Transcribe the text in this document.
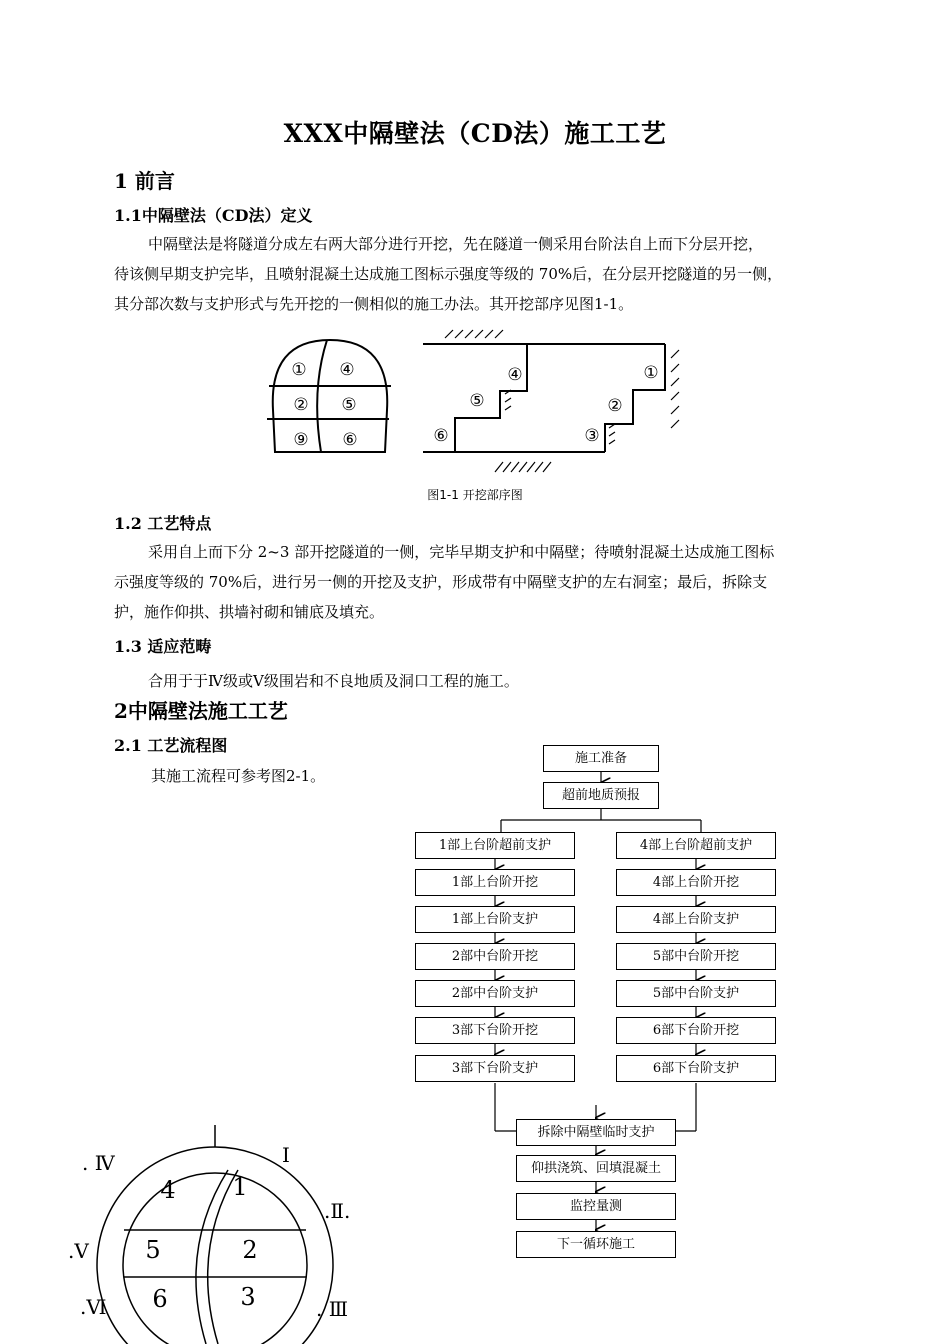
XXX中隔壁法（CD法）施工工艺
1 前言
1.1中隔壁法（CD法）定义
中隔壁法是将隧道分成左右两大部分进行开挖，先在隧道一侧采用台阶法自上而下分层开挖，
待该侧早期支护完毕，且喷射混凝土达成施工图标示强度等级的 70%后，在分层开挖隧道的另一侧，
其分部次数与支护形式与先开挖的一侧相似的施工办法。其开挖部序见图1-1。
① ④
② ⑤
⑨ ⑥
①
②
③
④
⑤
⑥
图1-1 开挖部序图
1.2 工艺特点
采用自上而下分 2~3 部开挖隧道的一侧，完毕早期支护和中隔壁；待喷射混凝土达成施工图标
示强度等级的 70%后，进行另一侧的开挖及支护，形成带有中隔壁支护的左右洞室；最后，拆除支
护，施作仰拱、拱墙衬砌和铺底及填充。
1.3 适应范畴
合用于于Ⅳ级或Ⅴ级围岩和不良地质及洞口工程的施工。
2中隔壁法施工工艺
2.1 工艺流程图
其施工流程可参考图2-1。
施工准备
超前地质预报
1部上台阶超前支护
1部上台阶开挖
1部上台阶支护
2部中台阶开挖
2部中台阶支护
3部下台阶开挖
3部下台阶支护
4部上台阶超前支护
4部上台阶开挖
4部上台阶支护
5部中台阶开挖
5部中台阶支护
6部下台阶开挖
6部下台阶支护
拆除中隔壁临时支护
仰拱浇筑、回填混凝土
监控量测
下一循环施工
4 1
5	2
6	3
. Ⅳ	Ⅰ
.Ⅱ.
.Ⅴ
.Ⅵ	. Ⅲ
